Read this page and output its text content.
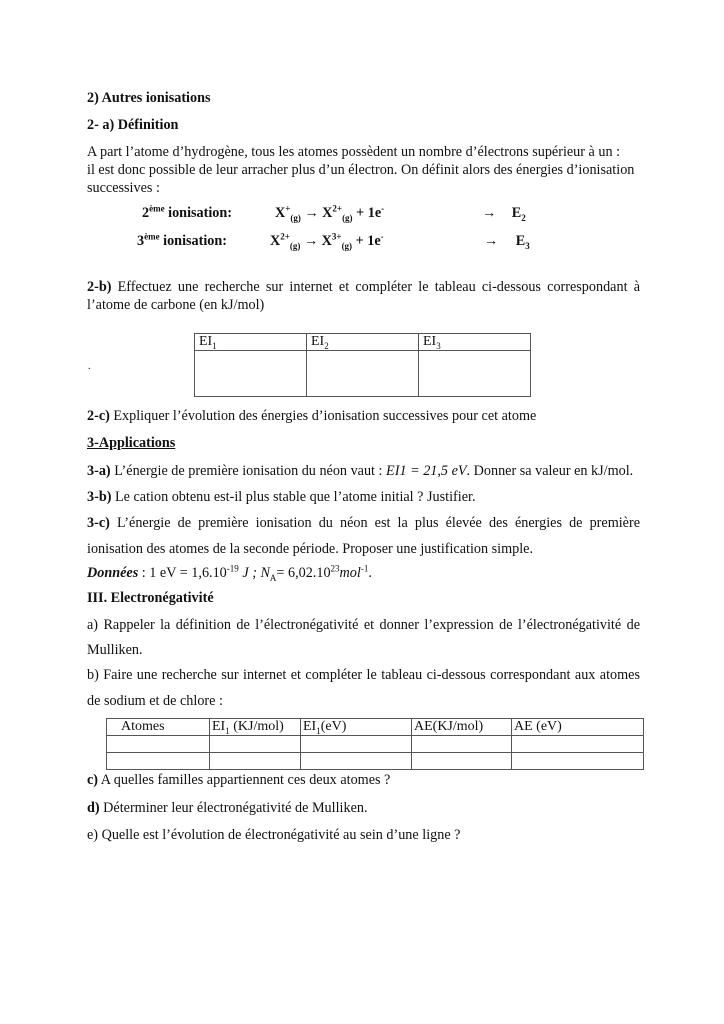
2) Autres ionisations
2- a) Définition
A part l’atome d’hydrogène, tous les atomes possèdent un nombre d’électrons supérieur à un :
il est donc possible de leur arracher plus d’un électron. On définit alors des énergies d’ionisation
successives :
2ème ionisation:	$X^+_{(g)} \to X^{2+}_{(g)} + 1e^-$	→ $E_2$
3ème ionisation:	$X^{2+}_{(g)} \to X^{3+}_{(g)} + 1e^-$	→ $E_3$
2-b) Effectuez une recherche sur internet et compléter le tableau ci-dessous correspondant à
l’atome de carbone (en kJ/mol)
$EI_1$	$EI_2$	$EI_3$

.
2-c) Expliquer l’évolution des énergies d’ionisation successives pour cet atome
3-Applications
3-a) L’énergie de première ionisation du néon vaut : EI1 = 21,5 eV. Donner sa valeur en kJ/mol.
3-b) Le cation obtenu est-il plus stable que l’atome initial ? Justifier.
3-c) L’énergie de première ionisation du néon est la plus élevée des énergies de première
ionisation des atomes de la seconde période. Proposer une justification simple.
Données : 1 eV = $1,6.10^{-19}$ J ; $N_A= 6,02.10^{23}mol^{-1}$.
III. Electronégativité
a) Rappeler la définition de l’électronégativité et donner l’expression de l’électronégativité de
Mulliken.
b) Faire une recherche sur internet et compléter le tableau ci-dessous correspondant aux atomes
de sodium et de chlore :
Atomes	$EI_1$ (KJ/mol)	$EI_1(eV)$	AE(KJ/mol)	AE (eV)

c) A quelles familles appartiennent ces deux atomes ?
d) Déterminer leur électronégativité de Mulliken.
e) Quelle est l’évolution de électronégativité au sein d’une ligne ?
